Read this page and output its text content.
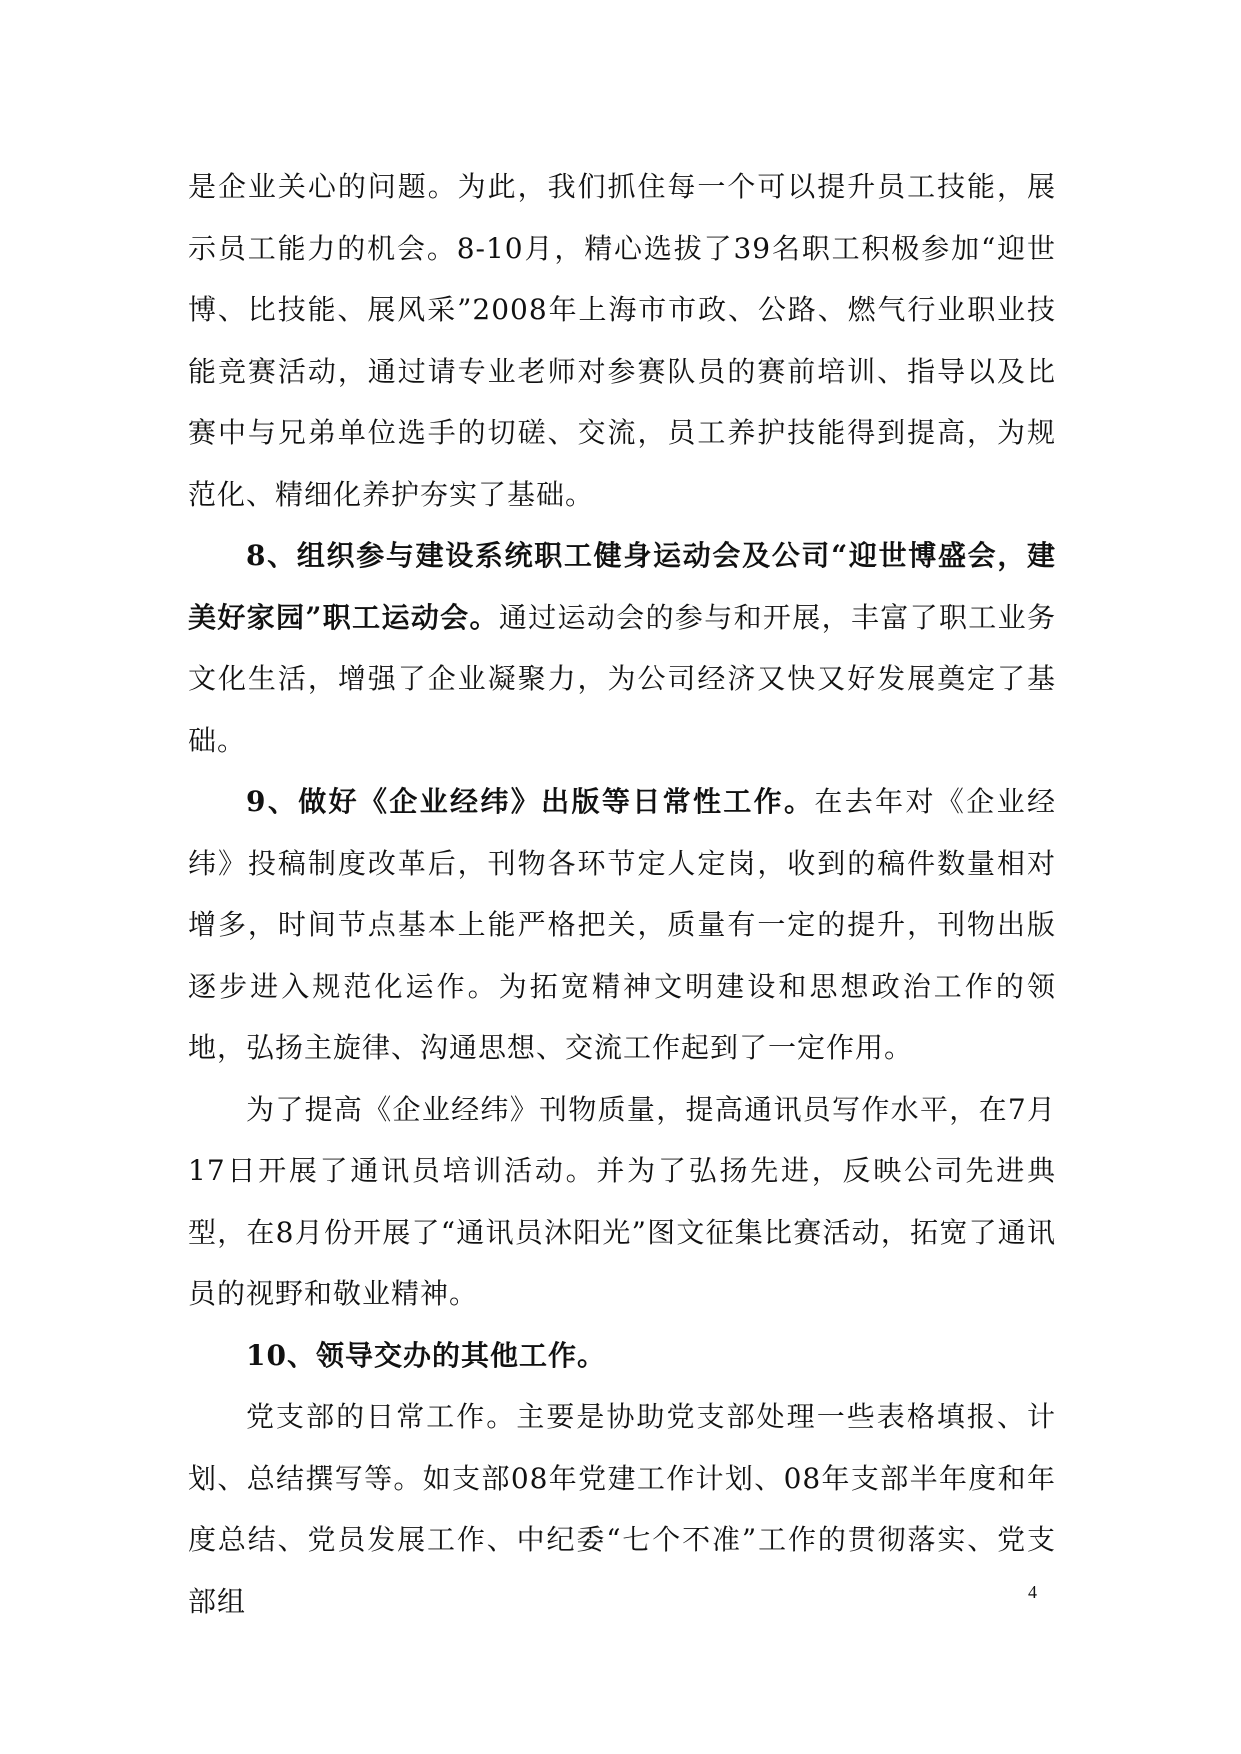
是企业关心的问题。为此，我们抓住每一个可以提升员工技能，展示员工能力的机会。8-10月，精心选拔了39名职工积极参加“迎世博、比技能、展风采”2008年上海市市政、公路、燃气行业职业技能竞赛活动，通过请专业老师对参赛队员的赛前培训、指导以及比赛中与兄弟单位选手的切磋、交流，员工养护技能得到提高，为规范化、精细化养护夯实了基础。

8、组织参与建设系统职工健身运动会及公司“迎世博盛会，建美好家园”职工运动会。通过运动会的参与和开展，丰富了职工业务文化生活，增强了企业凝聚力，为公司经济又快又好发展奠定了基础。

9、做好《企业经纬》出版等日常性工作。在去年对《企业经纬》投稿制度改革后，刊物各环节定人定岗，收到的稿件数量相对增多，时间节点基本上能严格把关，质量有一定的提升，刊物出版逐步进入规范化运作。为拓宽精神文明建设和思想政治工作的领地，弘扬主旋律、沟通思想、交流工作起到了一定作用。

为了提高《企业经纬》刊物质量，提高通讯员写作水平，在7月17日开展了通讯员培训活动。并为了弘扬先进，反映公司先进典型，在8月份开展了“通讯员沐阳光”图文征集比赛活动，拓宽了通讯员的视野和敬业精神。

10、领导交办的其他工作。

党支部的日常工作。主要是协助党支部处理一些表格填报、计划、总结撰写等。如支部08年党建工作计划、08年支部半年度和年度总结、党员发展工作、中纪委“七个不准”工作的贯彻落实、党支部组	4
